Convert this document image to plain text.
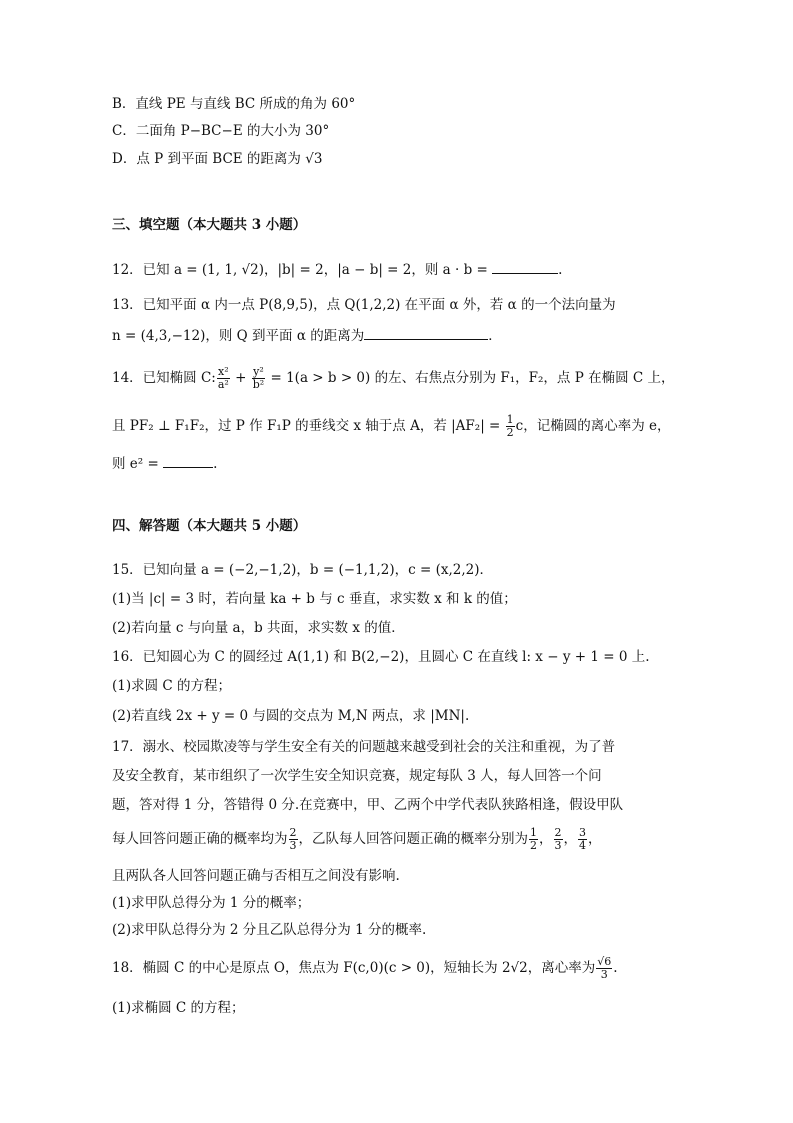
B．直线 PE 与直线 BC 所成的角为 60°
C．二面角 P−BC−E 的大小为 30°
D．点 P 到平面 BCE 的距离为 √3
三、填空题（本大题共 3 小题）
12．已知 a = (1, 1, √2)，|b| = 2，|a − b| = 2，则 a · b =	.
13．已知平面 α 内一点 P(8,9,5)，点 Q(1,2,2) 在平面 α 外，若 α 的一个法向量为
n = (4,3,−12)，则 Q 到平面 α 的距离为	．
14．已知椭圆 C: $\frac{\text{x²}}{\text{a²}} + \frac{\text{y²}}{\text{b²}} = 1(a > b > 0)$ 的左、右焦点分别为 F₁，F₂，点 P 在椭圆 C 上，
且 PF₂ ⊥ F₁F₂，过 P 作 F₁P 的垂线交 x 轴于点 A，若 $|AF_2| = \frac{1}{2}$ c，记椭圆的离心率为 e，
则 e² =	.
四、解答题（本大题共 5 小题）
15．已知向量 a = (−2,−1,2)，b = (−1,1,2)，c = (x,2,2)．
(1)当 |c| = 3 时，若向量 ka + b 与 c 垂直，求实数 x 和 k 的值；
(2)若向量 c 与向量 a，b 共面，求实数 x 的值．
16．已知圆心为 C 的圆经过 A(1,1) 和 B(2,−2)，且圆心 C 在直线 l: x − y + 1 = 0 上.
(1)求圆 C 的方程；
(2)若直线 2x + y = 0 与圆的交点为 M,N 两点，求 |MN|.
17．溺水、校园欺凌等与学生安全有关的问题越来越受到社会的关注和重视，为了普
及安全教育，某市组织了一次学生安全知识竞赛，规定每队 3 人，每人回答一个问
题，答对得 1 分，答错得 0 分.在竞赛中，甲、乙两个中学代表队狭路相逢，假设甲队
每人回答问题正确的概率均为 $\frac{2}{3}$ ，乙队每人回答问题正确的概率分别为 $\frac{1}{2}$ ， $\frac{2}{3}$ ， $\frac{3}{4}$ ，
且两队各人回答问题正确与否相互之间没有影响.
(1)求甲队总得分为 1 分的概率；
(2)求甲队总得分为 2 分且乙队总得分为 1 分的概率.
18．椭圆 C 的中心是原点 O，焦点为 F(c,0)(c > 0)，短轴长为 2√2，离心率为 $\frac{√6}{3}$ .
(1)求椭圆 C 的方程；
